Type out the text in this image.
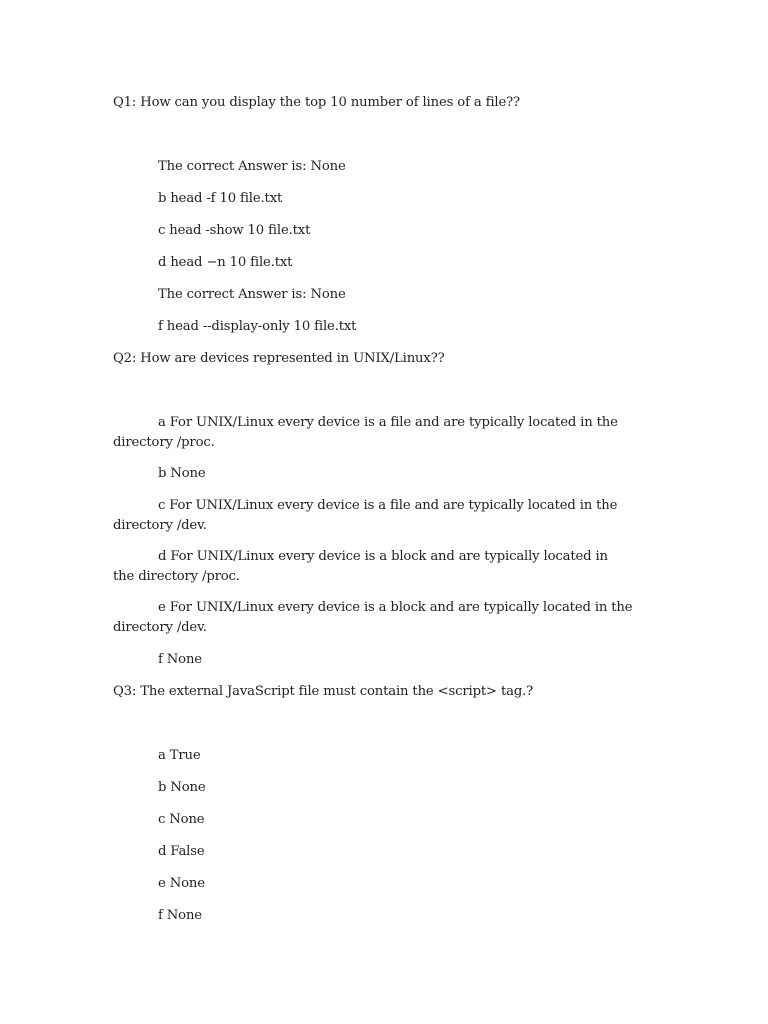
Q1: How can you display the top 10 number of lines of a file??
The correct Answer is: None
b head -f 10 file.txt
c head -show 10 file.txt
d head −n 10 file.txt
The correct Answer is: None
f head --display-only 10 file.txt
Q2: How are devices represented in UNIX/Linux??
a For UNIX/Linux every device is a file and are typically located in the directory /proc.
b None
c For UNIX/Linux every device is a file and are typically located in the directory /dev.
d For UNIX/Linux every device is a block and are typically located in the directory /proc.
e For UNIX/Linux every device is a block and are typically located in the directory /dev.
f None
Q3: The external JavaScript file must contain the <script> tag.?
a True
b None
c None
d False
e None
f None
